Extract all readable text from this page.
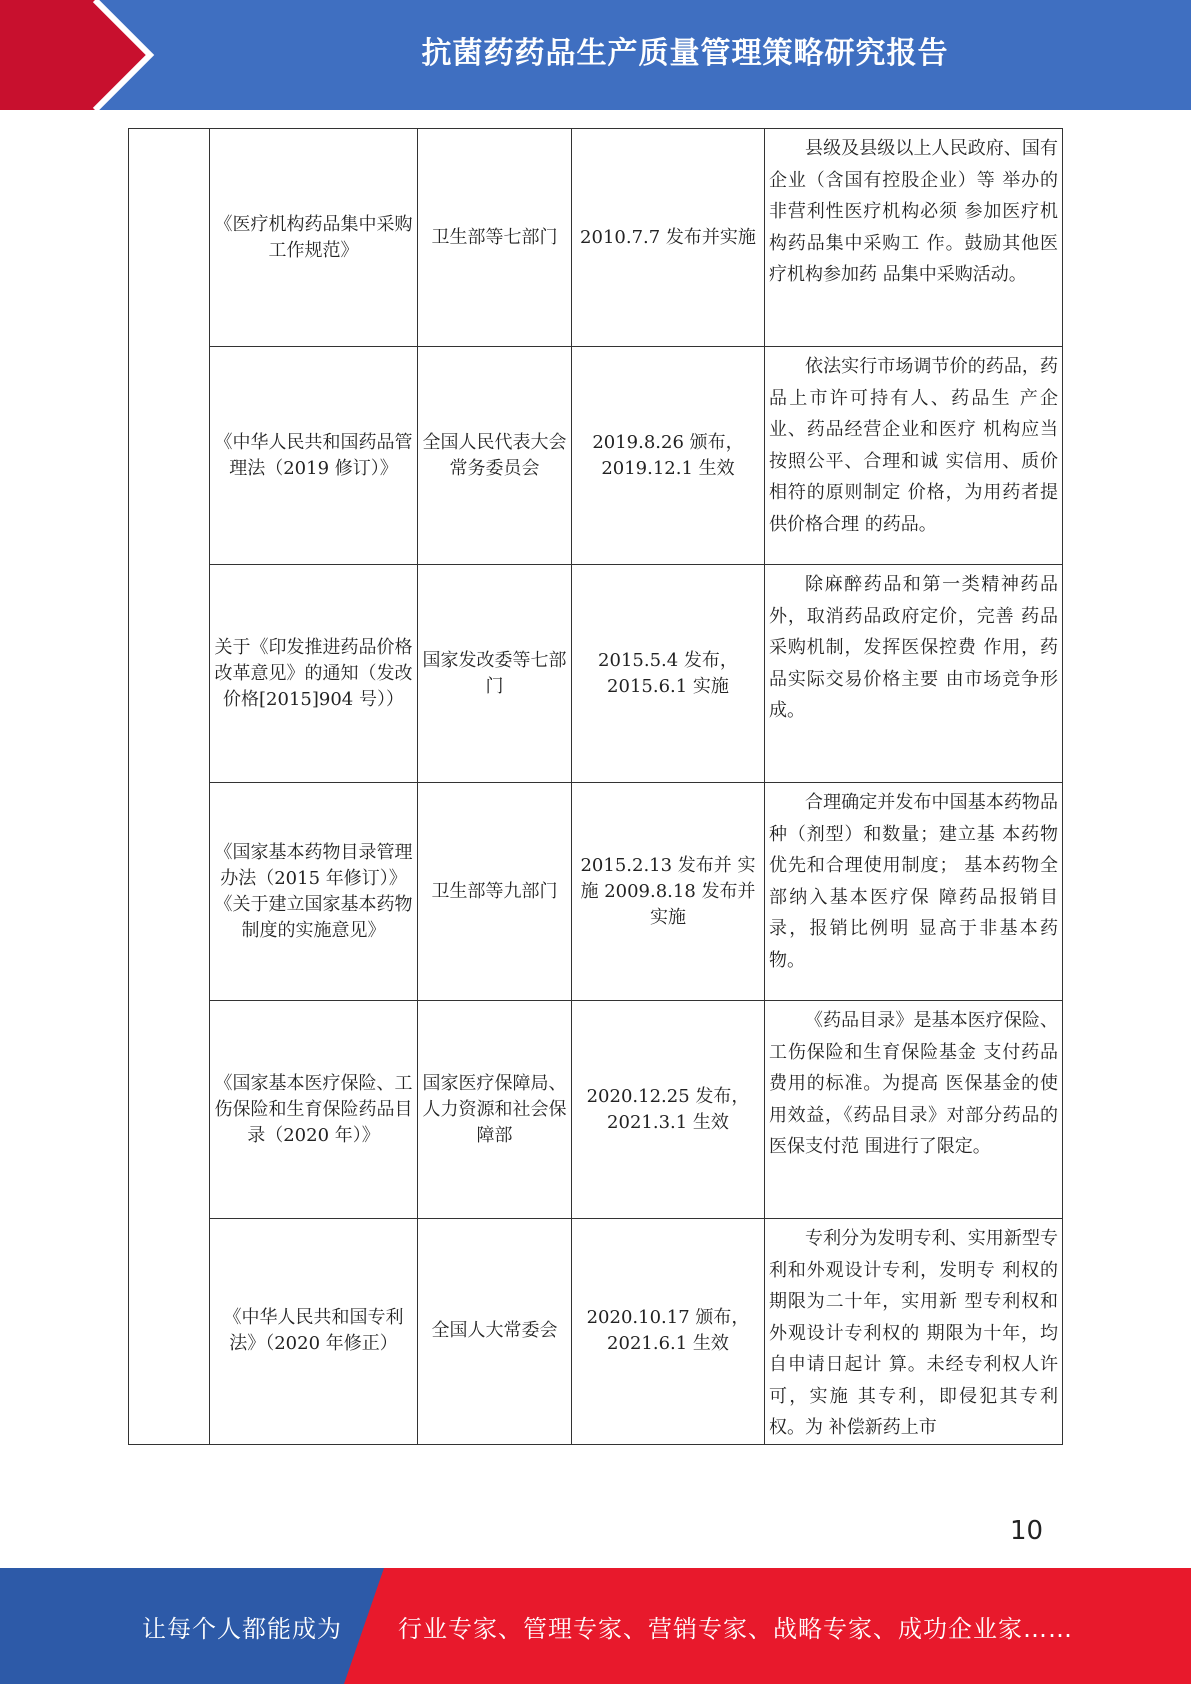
抗菌药药品生产质量管理策略研究报告
	《医疗机构药品集中采购工作规范》	卫生部等七部门	2010.7.7 发布并实施	县级及县级以上人民政府、国有企业（含国有控股企业）等 举办的非营利性医疗机构必须 参加医疗机构药品集中采购工 作。鼓励其他医疗机构参加药 品集中采购活动。
	《中华人民共和国药品管理法（2019 修订）》	全国人民代表大会常务委员会	2019.8.26 颁布，2019.12.1 生效	依法实行市场调节价的药品，药品上市许可持有人、药品生 产企业、药品经营企业和医疗 机构应当按照公平、合理和诚 实信用、质价相符的原则制定 价格，为用药者提供价格合理 的药品。
	关于《印发推进药品价格改革意见》的通知（发改价格[2015]904 号））	国家发改委等七部门	2015.5.4 发布，2015.6.1 实施	除麻醉药品和第一类精神药品外，取消药品政府定价，完善 药品采购机制，发挥医保控费 作用，药品实际交易价格主要 由市场竞争形成。
	《国家基本药物目录管理办法（2015 年修订）》《关于建立国家基本药物制度的实施意见》	卫生部等九部门	2015.2.13 发布并 实施 2009.8.18 发布并 实施	合理确定并发布中国基本药物品种（剂型）和数量；建立基 本药物优先和合理使用制度； 基本药物全部纳入基本医疗保 障药品报销目录，报销比例明 显高于非基本药物。
	《国家基本医疗保险、工伤保险和生育保险药品目录（2020 年）》	国家医疗保障局、人力资源和社会保障部	2020.12.25 发布，2021.3.1 生效	《药品目录》是基本医疗保险、工伤保险和生育保险基金 支付药品费用的标准。为提高 医保基金的使用效益，《药品目录》对部分药品的医保支付范 围进行了限定。
	《中华人民共和国专利法》（2020 年修正）	全国人大常委会	2020.10.17 颁布，2021.6.1 生效	专利分为发明专利、实用新型专利和外观设计专利，发明专 利权的期限为二十年，实用新 型专利权和外观设计专利权的 期限为十年，均自申请日起计 算。未经专利权人许可，实施 其专利，即侵犯其专利权。为 补偿新药上市
10
让每个人都能成为 行业专家、管理专家、营销专家、战略专家、成功企业家……
